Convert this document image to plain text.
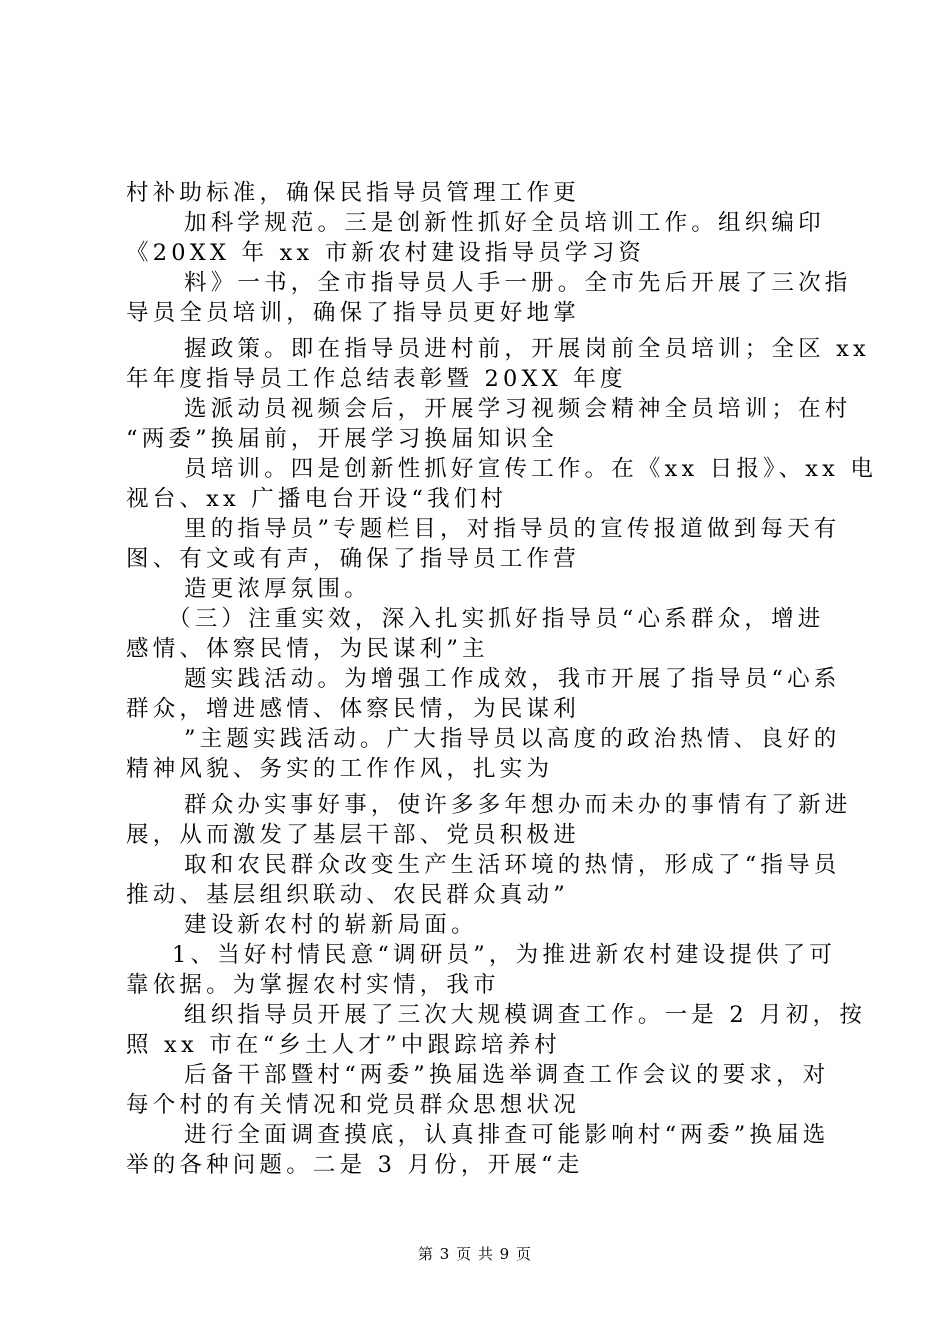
村补助标准，确保民指导员管理工作更
加科学规范。三是创新性抓好全员培训工作。组织编印
《20XX 年 xx 市新农村建设指导员学习资
料》一书，全市指导员人手一册。全市先后开展了三次指
导员全员培训，确保了指导员更好地掌
握政策。即在指导员进村前，开展岗前全员培训；全区 xx
年年度指导员工作总结表彰暨 20XX 年度
选派动员视频会后，开展学习视频会精神全员培训；在村
“两委”换届前，开展学习换届知识全
员培训。四是创新性抓好宣传工作。在《xx 日报》、xx 电
视台、xx 广播电台开设“我们村
里的指导员”专题栏目，对指导员的宣传报道做到每天有
图、有文或有声，确保了指导员工作营
造更浓厚氛围。
（三）注重实效，深入扎实抓好指导员“心系群众，增进
感情、体察民情，为民谋利”主
题实践活动。为增强工作成效，我市开展了指导员“心系
群众，增进感情、体察民情，为民谋利
”主题实践活动。广大指导员以高度的政治热情、良好的
精神风貌、务实的工作作风，扎实为
群众办实事好事，使许多多年想办而未办的事情有了新进
展，从而激发了基层干部、党员积极进
取和农民群众改变生产生活环境的热情，形成了“指导员
推动、基层组织联动、农民群众真动”
建设新农村的崭新局面。
1、当好村情民意“调研员”，为推进新农村建设提供了可
靠依据。为掌握农村实情，我市
组织指导员开展了三次大规模调查工作。一是 2 月初，按
照 xx 市在“乡土人才”中跟踪培养村
后备干部暨村“两委”换届选举调查工作会议的要求，对
每个村的有关情况和党员群众思想状况
进行全面调查摸底，认真排查可能影响村“两委”换届选
举的各种问题。二是 3 月份，开展“走
第 3 页 共 9 页
